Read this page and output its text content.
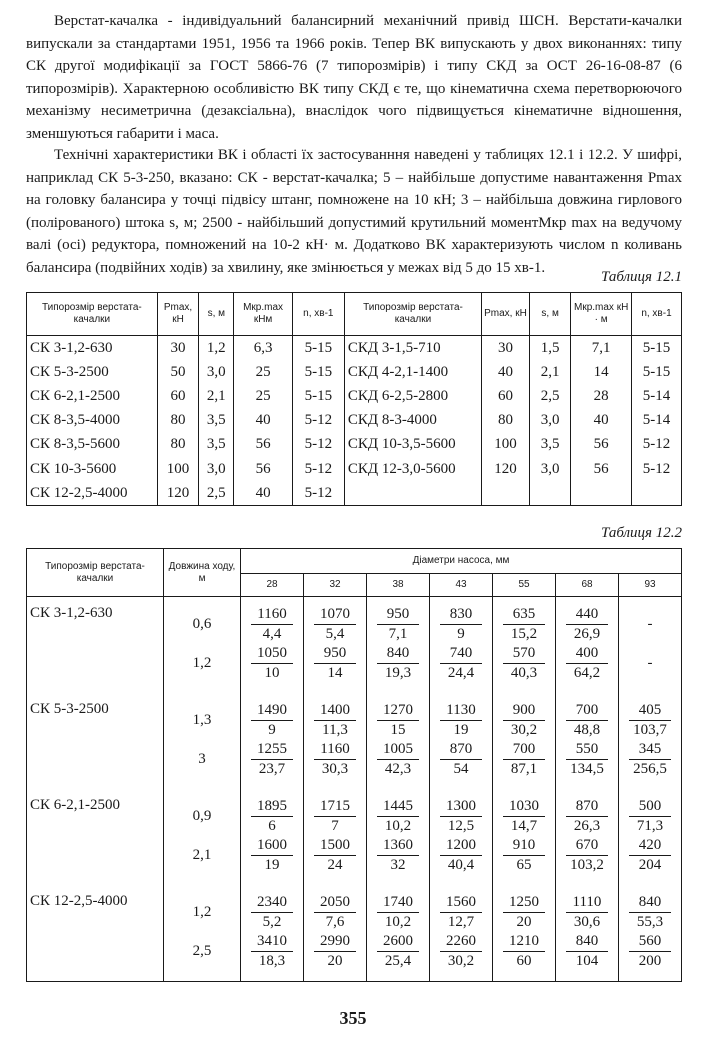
Верстат-качалка - індивідуальний балансирний механічний привід ШСН. Верстати-качалки випускали за стандартами 1951, 1956 та 1966 років. Тепер ВК випускають у двох виконаннях: типу СК другої модифікації за ГОСТ 5866-76 (7 типорозмірів) і типу СКД за ОСТ 26-16-08-87 (6 типорозмірів). Характерною особливістю ВК типу СКД є те, що кінематична схема перетворюючого механізму несиметрична (дезаксіальна), внаслідок чого підвищується кінематичне відношення, зменшуються габарити і маса.

Технічні характеристики ВК і області їх застосуванння наведені у таблицях 12.1 і 12.2. У шифрі, наприклад СК 5-3-250, вказано: СК - верстат-качалка; 5 – найбільше допустиме навантаження Pmax на головку балансира у точці підвісу штанг, помножене на 10 кН; 3 – найбільша довжина гирлового (полірованого) штока s, м; 2500 - найбільший допустимий крутильний моментMкр max на ведучому валі (осі) редуктора, помножений на 10-2 кН· м. Додатково ВК характеризують числом n коливань балансира (подвійних ходів) за хвилину, яке змінюється у межах від 5 до 15 хв-1.

Таблиця 12.1
Типорозмір верстата-качалки	Pmax, кН	s, м	Mкр.max кНм	n, хв-1	Типорозмір верстата-качалки	Pmax, кН	s, м	Mкр.max кН · м	n, хв-1
СК 3-1,2-630	30	1,2	6,3	5-15	СКД 3-1,5-710	30	1,5	7,1	5-15
СК 5-3-2500	50	3,0	25	5-15	СКД 4-2,1-1400	40	2,1	14	5-15
СК 6-2,1-2500	60	2,1	25	5-15	СКД 6-2,5-2800	60	2,5	28	5-14
СК 8-3,5-4000	80	3,5	40	5-12	СКД 8-3-4000	80	3,0	40	5-14
СК 8-3,5-5600	80	3,5	56	5-12	СКД 10-3,5-5600	100	3,5	56	5-12
СК 10-3-5600	100	3,0	56	5-12	СКД 12-3,0-5600	120	3,0	56	5-12
СК 12-2,5-4000	120	2,5	40	5-12					
Таблиця 12.2
Типорозмір верстата-качалки	Довжина ходу, м	Діаметри насоса, мм						
		28	32	38	43	55	68	93
СК 3-1,2-630	0,6	$\frac{1160}{4,4}$	$\frac{1070}{5,4}$	$\frac{950}{7,1}$	$\frac{830}{9}$	$\frac{635}{15,2}$	$\frac{440}{26,9}$	-

	1,2	$\frac{1050}{10}$	$\frac{950}{14}$	$\frac{840}{19,3}$	$\frac{740}{24,4}$	$\frac{570}{40,3}$	$\frac{400}{64,2}$	-

СК 5-3-2500	1,3	$\frac{1490}{9}$	$\frac{1400}{11,3}$	$\frac{1270}{15}$	$\frac{1130}{19}$	$\frac{900}{30,2}$	$\frac{700}{48,8}$	$\frac{405}{103,7}$

	3	$\frac{1255}{23,7}$	$\frac{1160}{30,3}$	$\frac{1005}{42,3}$	$\frac{870}{54}$	$\frac{700}{87,1}$	$\frac{550}{134,5}$	$\frac{345}{256,5}$

СК 6-2,1-2500	0,9	$\frac{1895}{6}$	$\frac{1715}{7}$	$\frac{1445}{10,2}$	$\frac{1300}{12,5}$	$\frac{1030}{14,7}$	$\frac{870}{26,3}$	$\frac{500}{71,3}$

	2,1	$\frac{1600}{19}$	$\frac{1500}{24}$	$\frac{1360}{32}$	$\frac{1200}{40,4}$	$\frac{910}{65}$	$\frac{670}{103,2}$	$\frac{420}{204}$

СК 12-2,5-4000	1,2	$\frac{2340}{5,2}$	$\frac{2050}{7,6}$	$\frac{1740}{10,2}$	$\frac{1560}{12,7}$	$\frac{1250}{20}$	$\frac{1110}{30,6}$	$\frac{840}{55,3}$

	2,5	$\frac{3410}{18,3}$	$\frac{2990}{20}$	$\frac{2600}{25,4}$	$\frac{2260}{30,2}$	$\frac{1210}{60}$	$\frac{840}{104}$	$\frac{560}{200}$
355
